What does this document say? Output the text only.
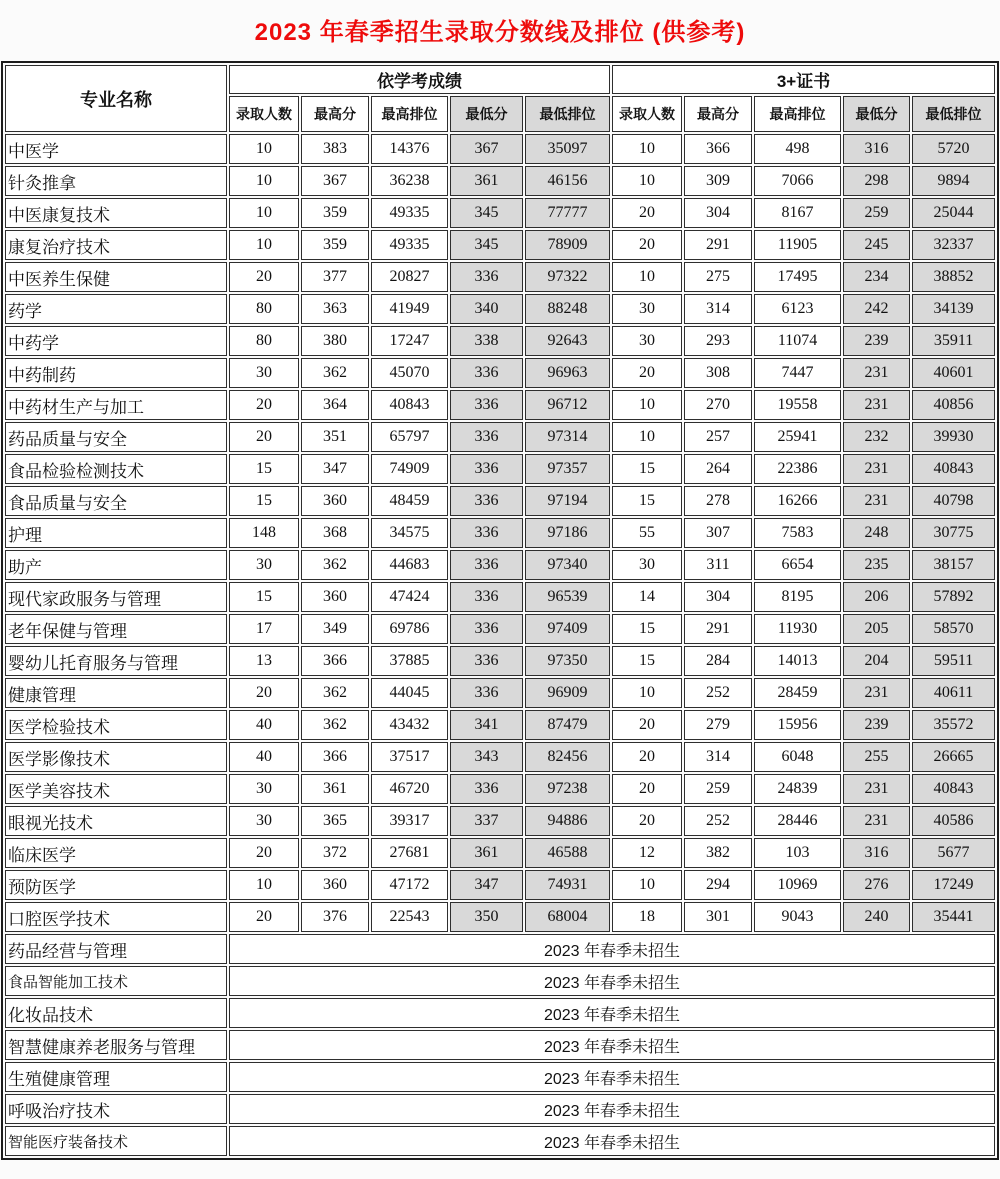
2023 年春季招生录取分数线及排位 (供参考)
专业名称	依学考成绩					3+证书				
	录取人数	最高分	最高排位	最低分	最低排位	录取人数	最高分	最高排位	最低分	最低排位
中医学	10	383	14376	367	35097	10	366	498	316	5720
针灸推拿	10	367	36238	361	46156	10	309	7066	298	9894
中医康复技术	10	359	49335	345	77777	20	304	8167	259	25044
康复治疗技术	10	359	49335	345	78909	20	291	11905	245	32337
中医养生保健	20	377	20827	336	97322	10	275	17495	234	38852
药学	80	363	41949	340	88248	30	314	6123	242	34139
中药学	80	380	17247	338	92643	30	293	11074	239	35911
中药制药	30	362	45070	336	96963	20	308	7447	231	40601
中药材生产与加工	20	364	40843	336	96712	10	270	19558	231	40856
药品质量与安全	20	351	65797	336	97314	10	257	25941	232	39930
食品检验检测技术	15	347	74909	336	97357	15	264	22386	231	40843
食品质量与安全	15	360	48459	336	97194	15	278	16266	231	40798
护理	148	368	34575	336	97186	55	307	7583	248	30775
助产	30	362	44683	336	97340	30	311	6654	235	38157
现代家政服务与管理	15	360	47424	336	96539	14	304	8195	206	57892
老年保健与管理	17	349	69786	336	97409	15	291	11930	205	58570
婴幼儿托育服务与管理	13	366	37885	336	97350	15	284	14013	204	59511
健康管理	20	362	44045	336	96909	10	252	28459	231	40611
医学检验技术	40	362	43432	341	87479	20	279	15956	239	35572
医学影像技术	40	366	37517	343	82456	20	314	6048	255	26665
医学美容技术	30	361	46720	336	97238	20	259	24839	231	40843
眼视光技术	30	365	39317	337	94886	20	252	28446	231	40586
临床医学	20	372	27681	361	46588	12	382	103	316	5677
预防医学	10	360	47172	347	74931	10	294	10969	276	17249
口腔医学技术	20	376	22543	350	68004	18	301	9043	240	35441
药品经营与管理	2023 年春季未招生									
食品智能加工技术	2023 年春季未招生									
化妆品技术	2023 年春季未招生									
智慧健康养老服务与管理	2023 年春季未招生									
生殖健康管理	2023 年春季未招生									
呼吸治疗技术	2023 年春季未招生									
智能医疗装备技术	2023 年春季未招生									
